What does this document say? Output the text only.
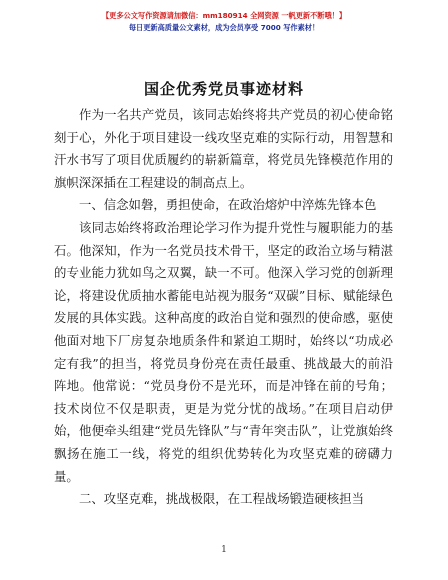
【更多公文写作资源请加微信：mm180914 全网资源 一帆更新不断哦！】
每日更新高质量公文素材，成为会员享受 7000 写作素材！
国企优秀党员事迹材料

作为一名共产党员，该同志始终将共产党员的初心使命铭刻于心，外化于项目建设一线攻坚克难的实际行动，用智慧和汗水书写了项目优质履约的崭新篇章，将党员先锋模范作用的旗帜深深插在工程建设的制高点上。

一、信念如磐，勇担使命，在政治熔炉中淬炼先锋本色

该同志始终将政治理论学习作为提升党性与履职能力的基石。他深知，作为一名党员技术骨干，坚定的政治立场与精湛的专业能力犹如鸟之双翼，缺一不可。他深入学习党的创新理论，将建设优质抽水蓄能电站视为服务“双碳”目标、赋能绿色发展的具体实践。这种高度的政治自觉和强烈的使命感，驱使他面对地下厂房复杂地质条件和紧迫工期时，始终以“功成必定有我”的担当，将党员身份亮在责任最重、挑战最大的前沿阵地。他常说：“党员身份不是光环，而是冲锋在前的号角；技术岗位不仅是职责，更是为党分忧的战场。”在项目启动伊始，他便牵头组建“党员先锋队”与“青年突击队”，让党旗始终飘扬在施工一线，将党的组织优势转化为攻坚克难的磅礴力量。

二、攻坚克难，挑战极限，在工程战场锻造硬核担当

1
